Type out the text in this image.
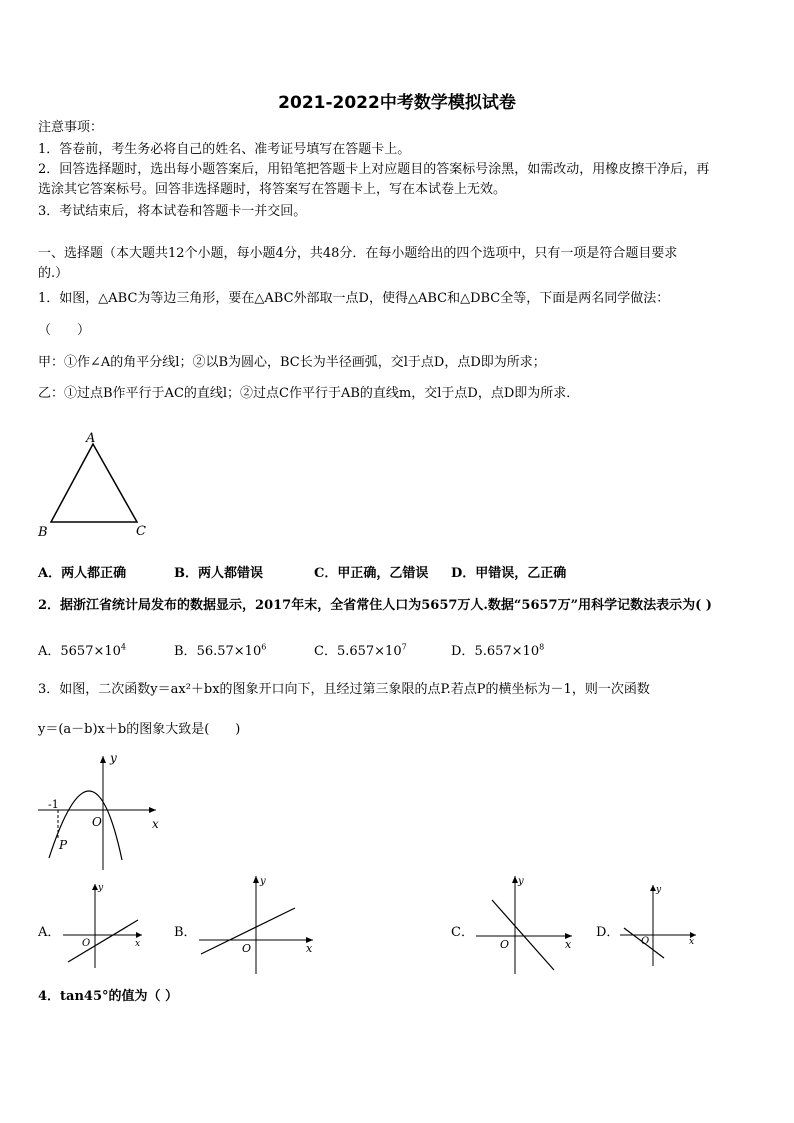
2021-2022中考数学模拟试卷
注意事项：
1．答卷前，考生务必将自己的姓名、准考证号填写在答题卡上。
2．回答选择题时，选出每小题答案后，用铅笔把答题卡上对应题目的答案标号涂黑，如需改动，用橡皮擦干净后，再
选涂其它答案标号。回答非选择题时，将答案写在答题卡上，写在本试卷上无效。
3．考试结束后，将本试卷和答题卡一并交回。
一、选择题（本大题共12个小题，每小题4分，共48分．在每小题给出的四个选项中，只有一项是符合题目要求
的.）
1．如图，△ABC为等边三角形，要在△ABC外部取一点D，使得△ABC和△DBC全等，下面是两名同学做法：
（　　）
甲：①作∠A的角平分线l；②以B为圆心，BC长为半径画弧，交l于点D，点D即为所求；
乙：①过点B作平行于AC的直线l；②过点C作平行于AB的直线m，交l于点D，点D即为所求．
A
B	C
A．两人都正确	B．两人都错误	C．甲正确，乙错误 D．甲错误，乙正确
2．据浙江省统计局发布的数据显示，2017年末，全省常住人口为5657万人.数据“5657万”用科学记数法表示为( )
A．$5657\times 10^4$	B．$56.57\times 10^6$	C．$5.657\times 10^7$	D．$5.657\times 10^8$
3．如图，二次函数y＝ax²＋bx的图象开口向下，且经过第三象限的点P.若点P的横坐标为－1，则一次函数
y＝(a－b)x＋b的图象大致是(　　)
y
x
O
-1
P
A．
y
x
O
B．
y
x
O
C．
y
x
O
D．
y
x
O
4．tan45°的值为（ ）
